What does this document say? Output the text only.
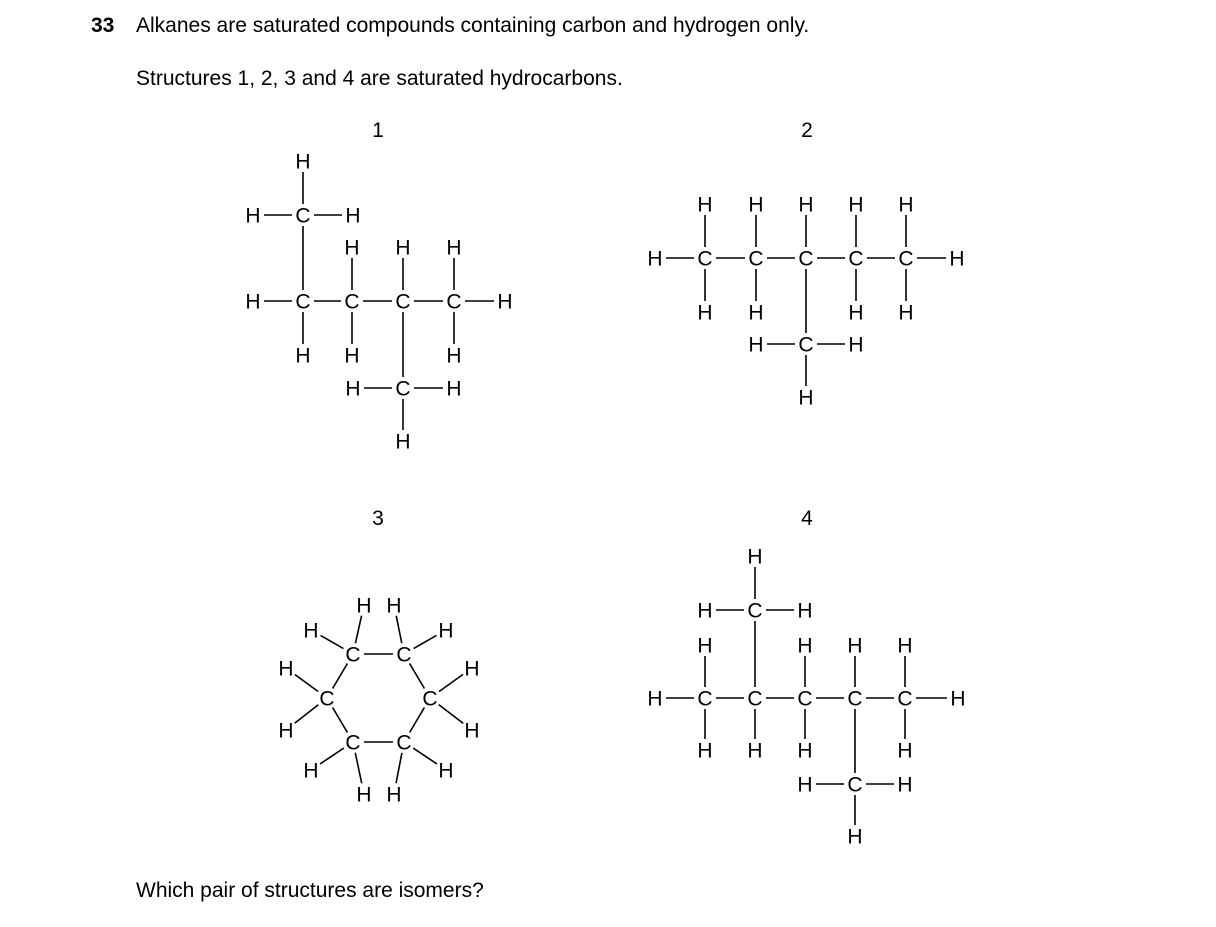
33 Alkanes are saturated compounds containing carbon and hydrogen only.
Structures 1, 2, 3 and 4 are saturated hydrocarbons.
1	2
3	4
C
C C C C
C
H
H	H
H
H
H
H
H H
H
H
H	H
H
C C C C C
C
H H H H H
H	H
H H	H H
H	H
H
C C
C
C
C
C
H H
H	H
H	H
H	H
H	H
H H
C
C C C C C
C
H
H	H
H	H H H
H	H
H H H	H
H	H
H
Which pair of structures are isomers?
